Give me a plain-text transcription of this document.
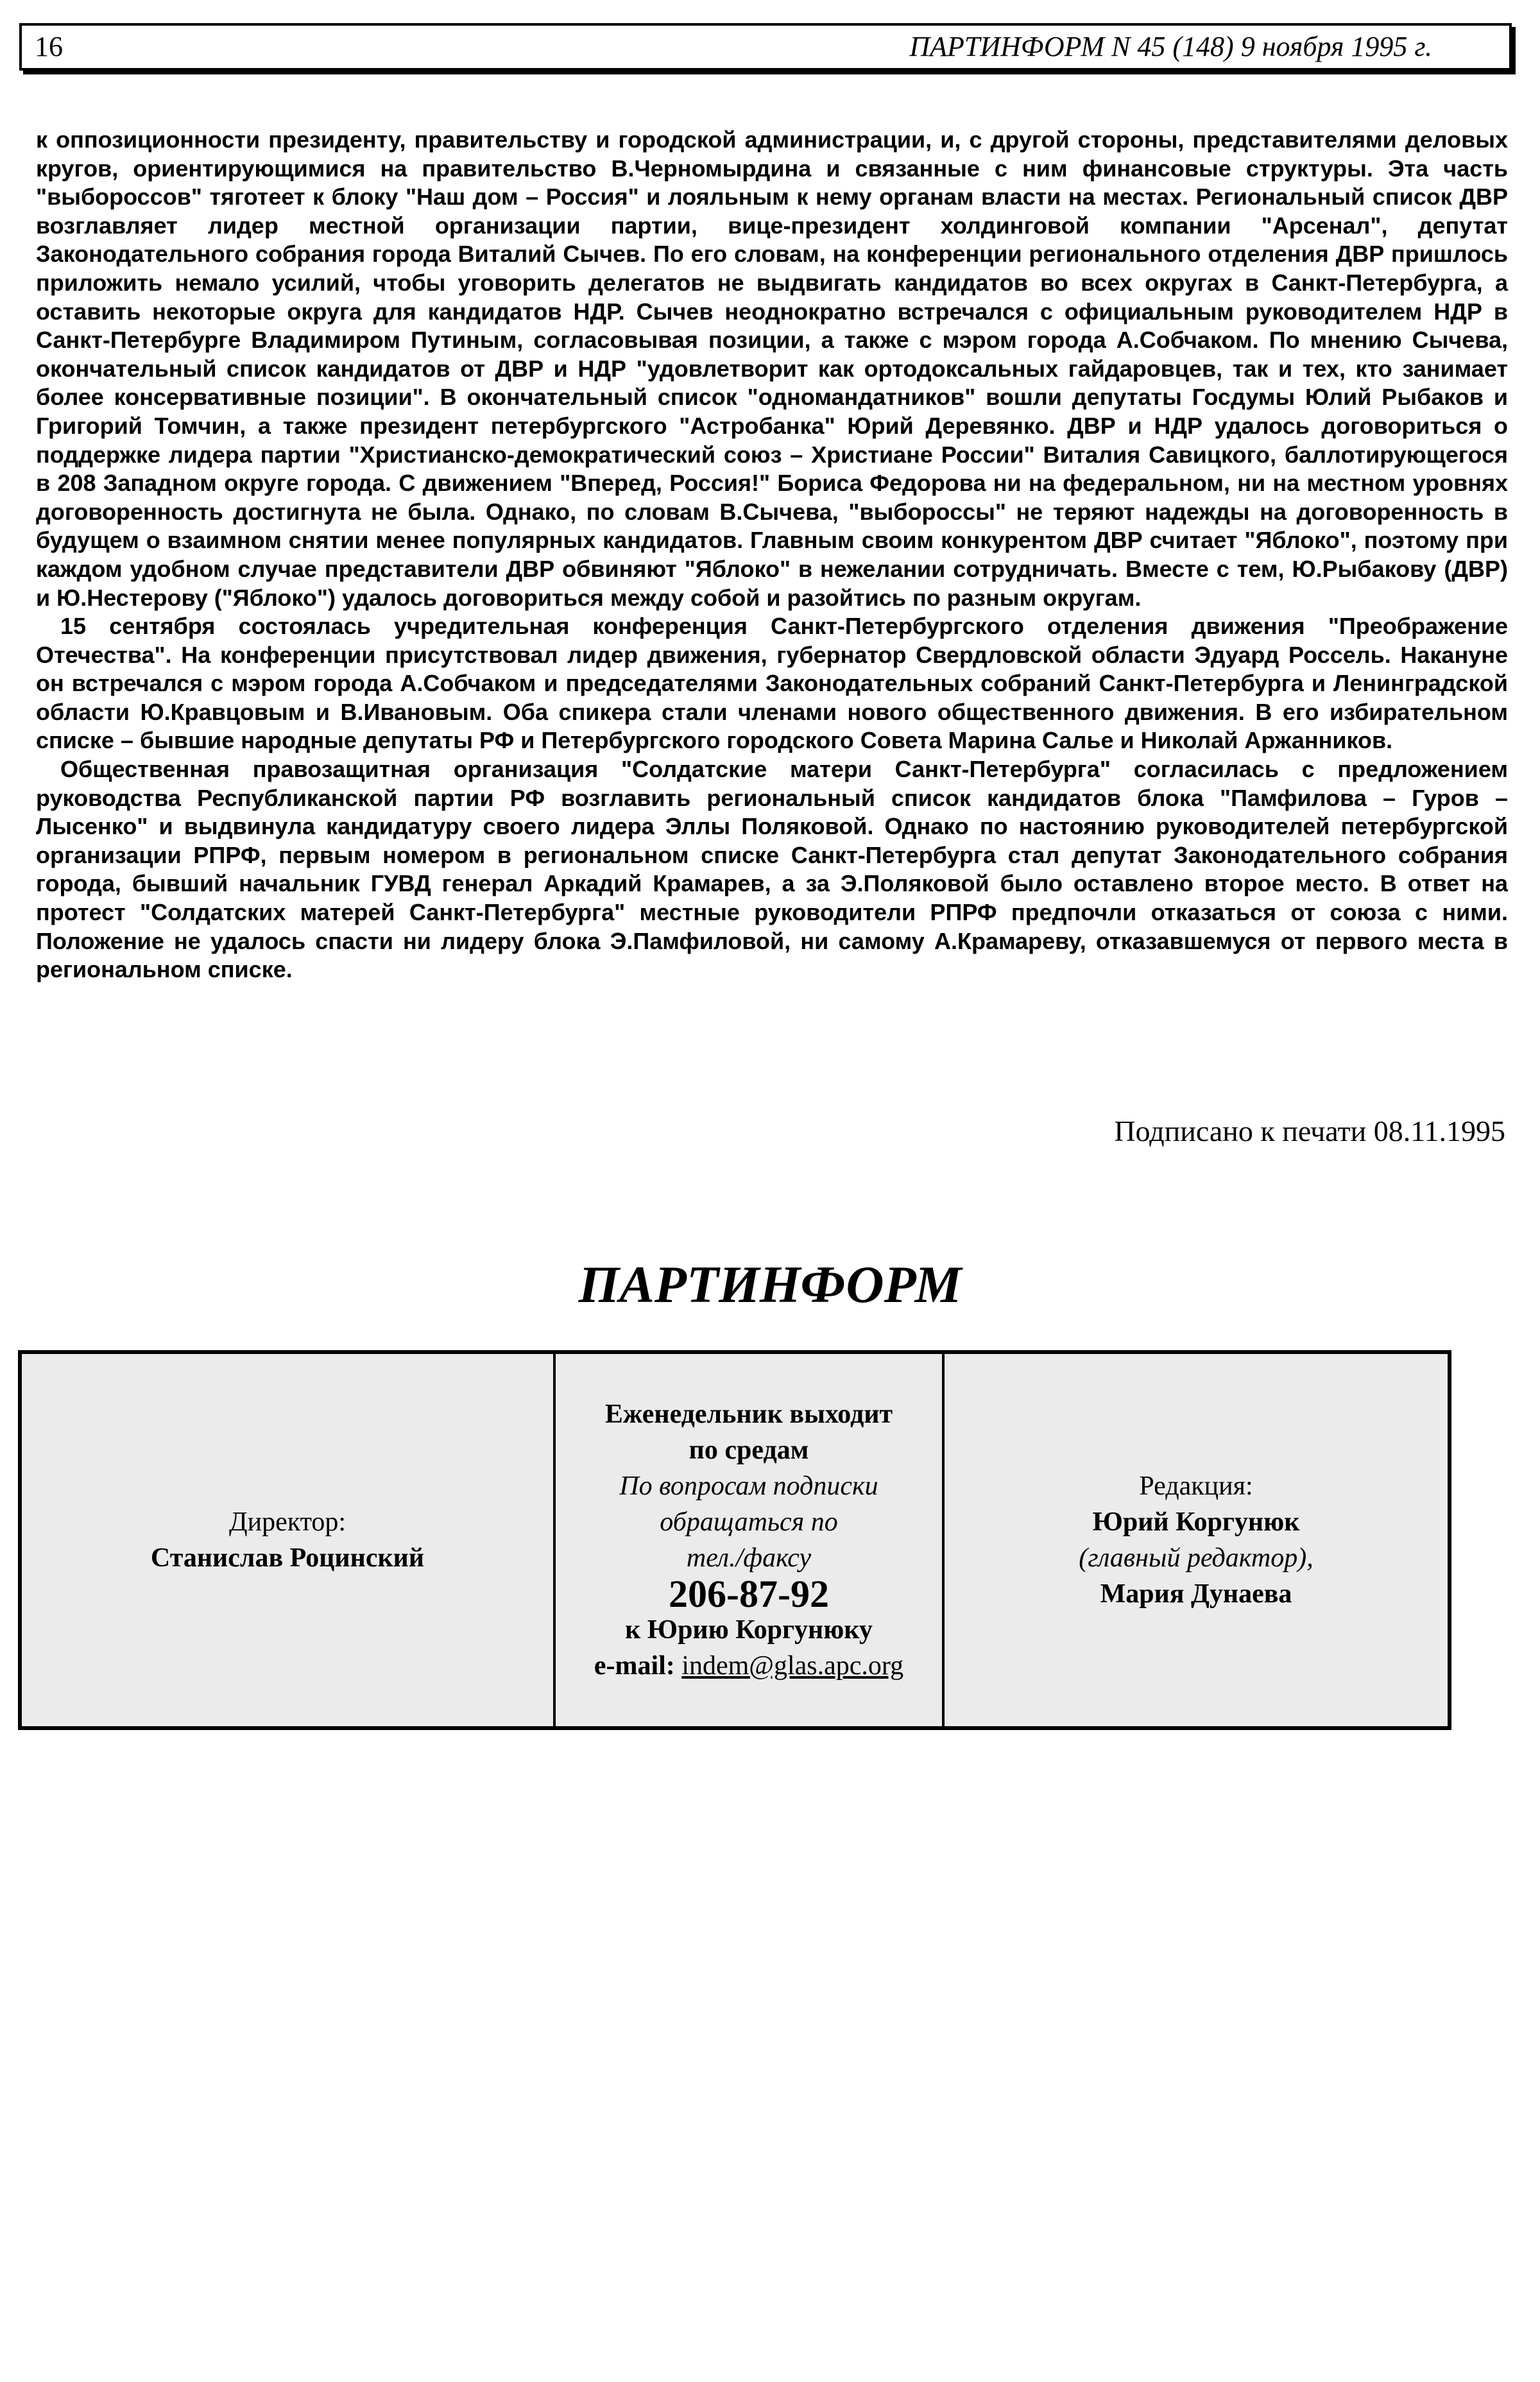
16	ПАРТИНФОРМ N 45 (148) 9 ноября 1995 г.

к оппозиционности президенту, правительству и городской администрации, и, с другой стороны, представителями деловых кругов, ориентирующимися на правительство В.Черномырдина и связанные с ним финансовые структуры. Эта часть "выбороссов" тяготеет к блоку "Наш дом – Россия" и лояльным к нему органам власти на местах. Региональный список ДВР возглавляет лидер местной организации партии, вице-президент холдинговой компании "Арсенал", депутат Законодательного собрания города Виталий Сычев. По его словам, на конференции регионального отделения ДВР пришлось приложить немало усилий, чтобы уговорить делегатов не выдвигать кандидатов во всех округах в Санкт-Петербурга, а оставить некоторые округа для кандидатов НДР. Сычев неоднократно встречался с официальным руководителем НДР в Санкт-Петербурге Владимиром Путиным, согласовывая позиции, а также с мэром города А.Собчаком. По мнению Сычева, окончательный список кандидатов от ДВР и НДР "удовлетворит как ортодоксальных гайдаровцев, так и тех, кто занимает более консервативные позиции". В окончательный список "одномандатников" вошли депутаты Госдумы Юлий Рыбаков и Григорий Томчин, а также президент петербургского "Астробанка" Юрий Деревянко. ДВР и НДР удалось договориться о поддержке лидера партии "Христианско-демократический союз – Христиане России" Виталия Савицкого, баллотирующегося в 208 Западном округе города. С движением "Вперед, Россия!" Бориса Федорова ни на федеральном, ни на местном уровнях договоренность достигнута не была. Однако, по словам В.Сычева, "выбороссы" не теряют надежды на договоренность в будущем о взаимном снятии менее популярных кандидатов. Главным своим конкурентом ДВР считает "Яблоко", поэтому при каждом удобном случае представители ДВР обвиняют "Яблоко" в нежелании сотрудничать. Вместе с тем, Ю.Рыбакову (ДВР) и Ю.Нестерову ("Яблоко") удалось договориться между собой и разойтись по разным округам.

15 сентября состоялась учредительная конференция Санкт-Петербургского отделения движения "Преображение Отечества". На конференции присутствовал лидер движения, губернатор Свердловской области Эдуард Россель. Накануне он встречался с мэром города А.Собчаком и председателями Законодательных собраний Санкт-Петербурга и Ленинградской области Ю.Кравцовым и В.Ивановым. Оба спикера стали членами нового общественного движения. В его избирательном списке – бывшие народные депутаты РФ и Петербургского городского Совета Марина Салье и Николай Аржанников.

Общественная правозащитная организация "Солдатские матери Санкт-Петербурга" согласилась с предложением руководства Республиканской партии РФ возглавить региональный список кандидатов блока "Памфилова – Гуров – Лысенко" и выдвинула кандидатуру своего лидера Эллы Поляковой. Однако по настоянию руководителей петербургской организации РПРФ, первым номером в региональном списке Санкт-Петербурга стал депутат Законодательного собрания города, бывший начальник ГУВД генерал Аркадий Крамарев, а за Э.Поляковой было оставлено второе место. В ответ на протест "Солдатских матерей Санкт-Петербурга" местные руководители РПРФ предпочли отказаться от союза с ними. Положение не удалось спасти ни лидеру блока Э.Памфиловой, ни самому А.Крамареву, отказавшемуся от первого места в региональном списке.

Подписано к печати 08.11.1995
ПАРТИНФОРМ
Директор:
Станислав Роцинский
Еженедельник выходит
по средам
По вопросам подписки
обращаться по
тел./факсу
206-87-92
к Юрию Коргунюку
e-mail: indem@glas.apc.org
Редакция:
Юрий Коргунюк
(главный редактор),
Мария Дунаева
